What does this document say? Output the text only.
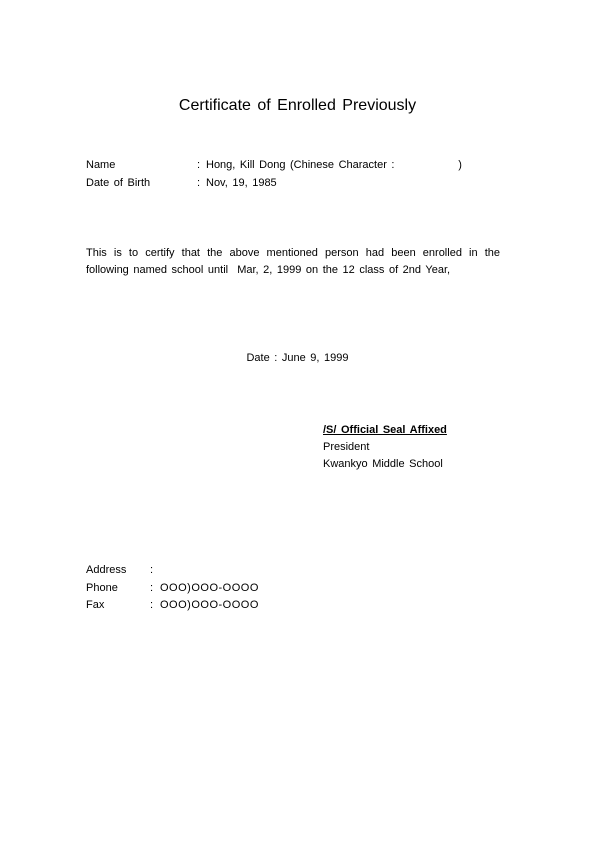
Certificate of Enrolled Previously
Name	: Hong, Kill Dong (Chinese Character :              )
Date of Birth	: Nov, 19, 1985
This is to certify that the above mentioned person had been enrolled in the
following named school until  Mar, 2, 1999 on the 12 class of 2nd Year,
Date : June 9, 1999
/S/ Official Seal Affixed
President
Kwankyo Middle School
Address :
Phone	: OOO)OOO-OOOO
Fax	: OOO)OOO-OOOO
